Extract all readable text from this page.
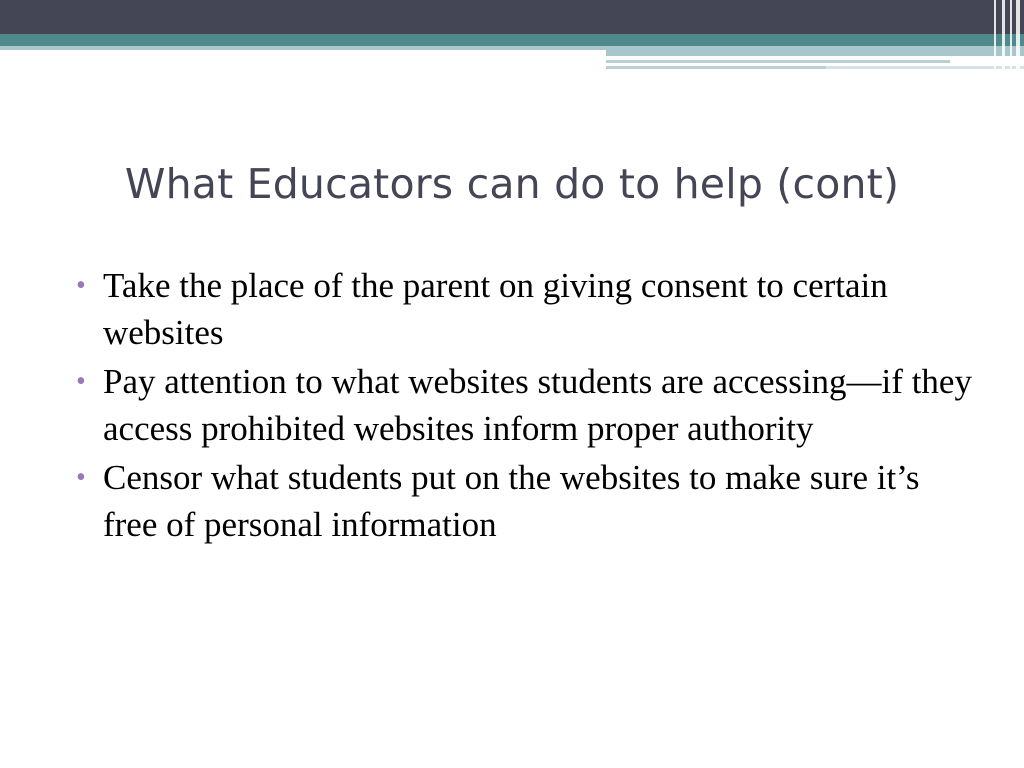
What Educators can do to help (cont)
• Take the place of the parent on giving consent to certain websites
• Pay attention to what websites students are accessing—if they access prohibited websites inform proper authority
• Censor what students put on the websites to make sure it’s free of personal information
